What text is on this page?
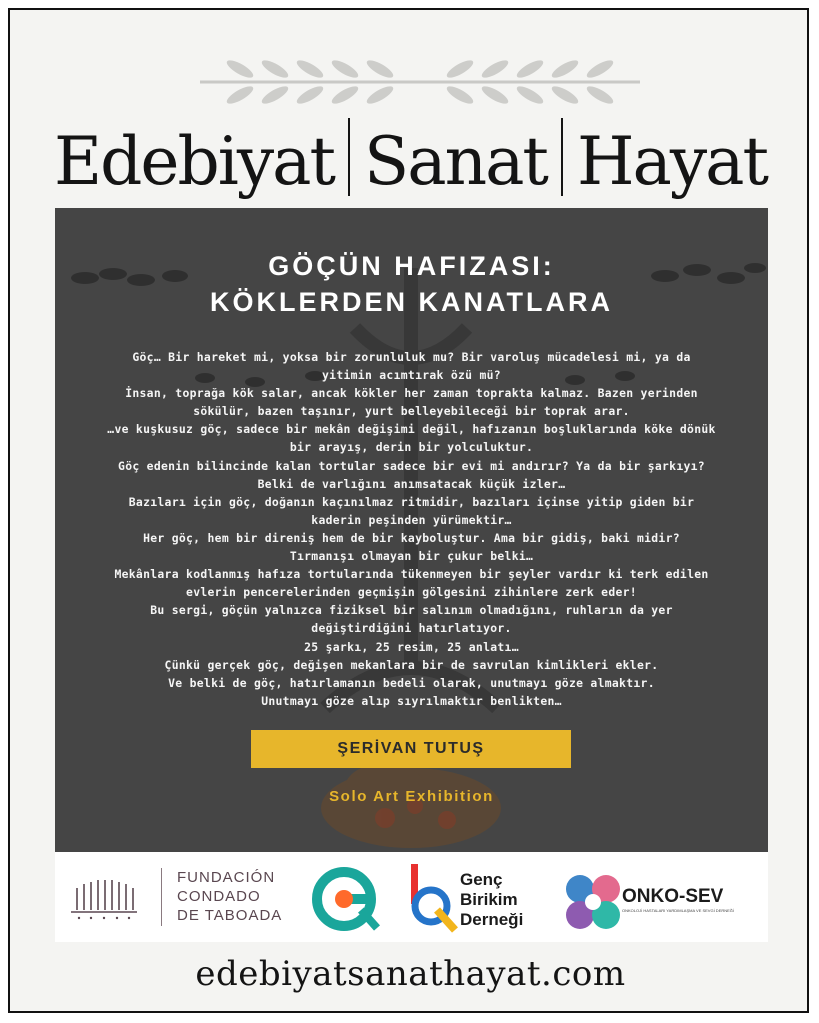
Edebiyat Sanat Hayat
GÖÇÜN HAFIZASI:
KÖKLERDEN KANATLARA

Göç… Bir hareket mi, yoksa bir zorunluluk mu? Bir varoluş mücadelesi mi, ya da yitimin acımtırak özü mü?

İnsan, toprağa kök salar, ancak kökler her zaman toprakta kalmaz. Bazen yerinden sökülür, bazen taşınır, yurt belleyebileceği bir toprak arar.

…ve kuşkusuz göç, sadece bir mekân değişimi değil, hafızanın boşluklarında köke dönük bir arayış, derin bir yolculuktur.

Göç edenin bilincinde kalan tortular sadece bir evi mi andırır? Ya da bir şarkıyı? Belki de varlığını anımsatacak küçük izler…

Bazıları için göç, doğanın kaçınılmaz ritmidir, bazıları içinse yitip giden bir kaderin peşinden yürümektir…

Her göç, hem bir direniş hem de bir kayboluştur. Ama bir gidiş, baki midir?

Tırmanışı olmayan bir çukur belki…

Mekânlara kodlanmış hafıza tortularında tükenmeyen bir şeyler vardır ki terk edilen evlerin pencerelerinden geçmişin gölgesini zihinlere zerk eder!

Bu sergi, göçün yalnızca fiziksel bir salınım olmadığını, ruhların da yer değiştirdiğini hatırlatıyor.

25 şarkı, 25 resim, 25 anlatı…

Çünkü gerçek göç, değişen mekanlara bir de savrulan kimlikleri ekler.

Ve belki de göç, hatırlamanın bedeli olarak, unutmayı göze almaktır.

Unutmayı göze alıp sıyrılmaktır benlikten…

ŞERİVAN TUTUŞ
Solo Art Exhibition
FUNDACIÓN
CONDADO
DE TABOADA
Genç
Birikim
Derneği
ONKO-SEV
ONKOLOJİ HASTALARI YARDIMLAŞMA VE SEVGİ DERNEĞİ
edebiyatsanathayat.com
